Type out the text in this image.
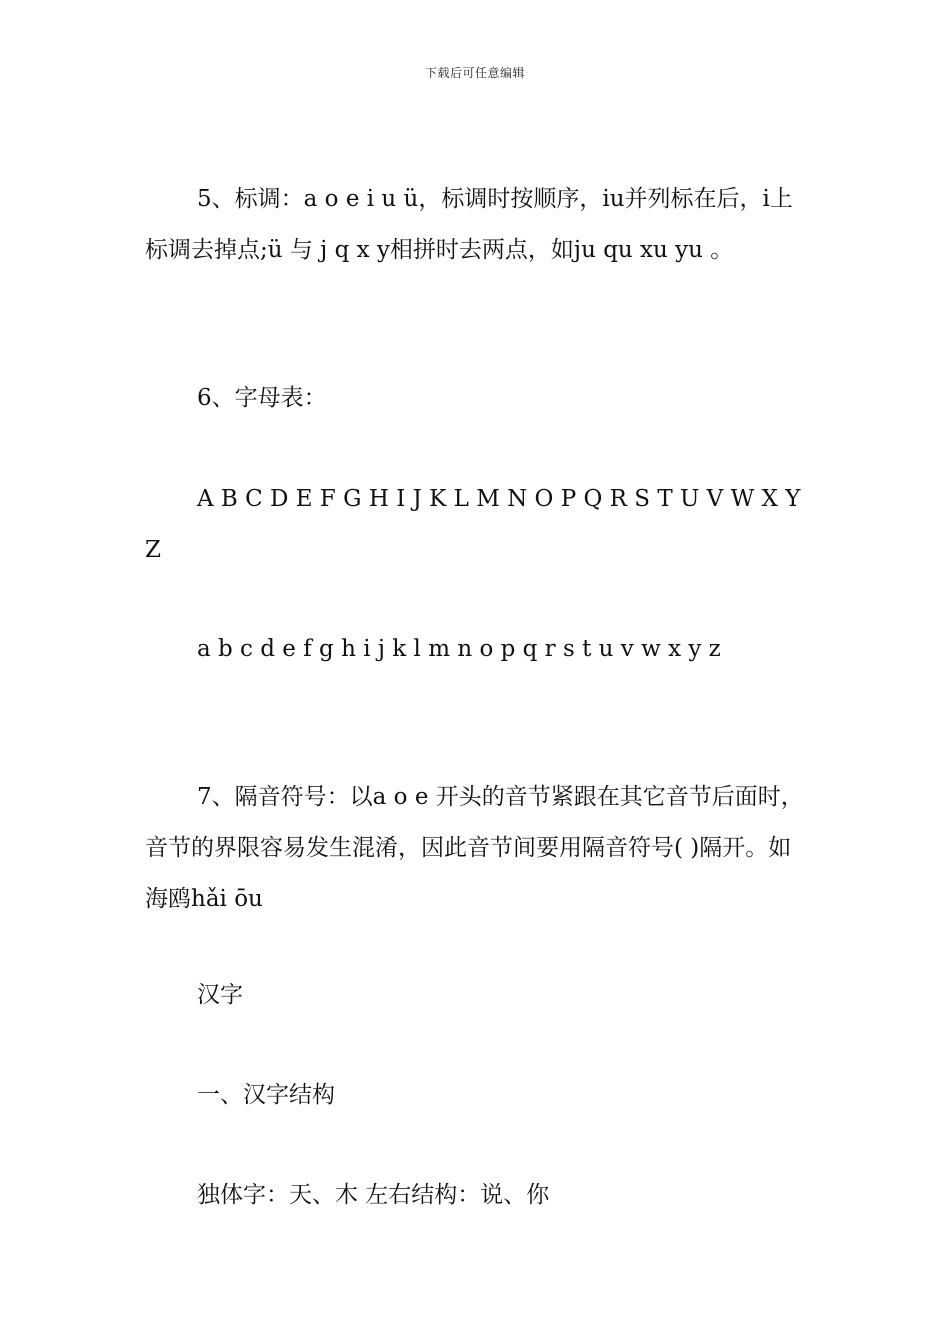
下载后可任意编辑

5、标调：a o e i u ü，标调时按顺序，iu并列标在后，i上标调去掉点;ü 与 j q x y相拼时去两点，如ju qu xu yu 。

6、字母表：

A B C D E F G H I J K L M N O P Q R S T U V W X Y Z

a b c d e f g h i j k l m n o p q r s t u v w x y z

7、隔音符号：以a o e 开头的音节紧跟在其它音节后面时，音节的界限容易发生混淆，因此音节间要用隔音符号( )隔开。如海鸥hǎi ōu

汉字

一、汉字结构

独体字：天、木 左右结构：说、你
